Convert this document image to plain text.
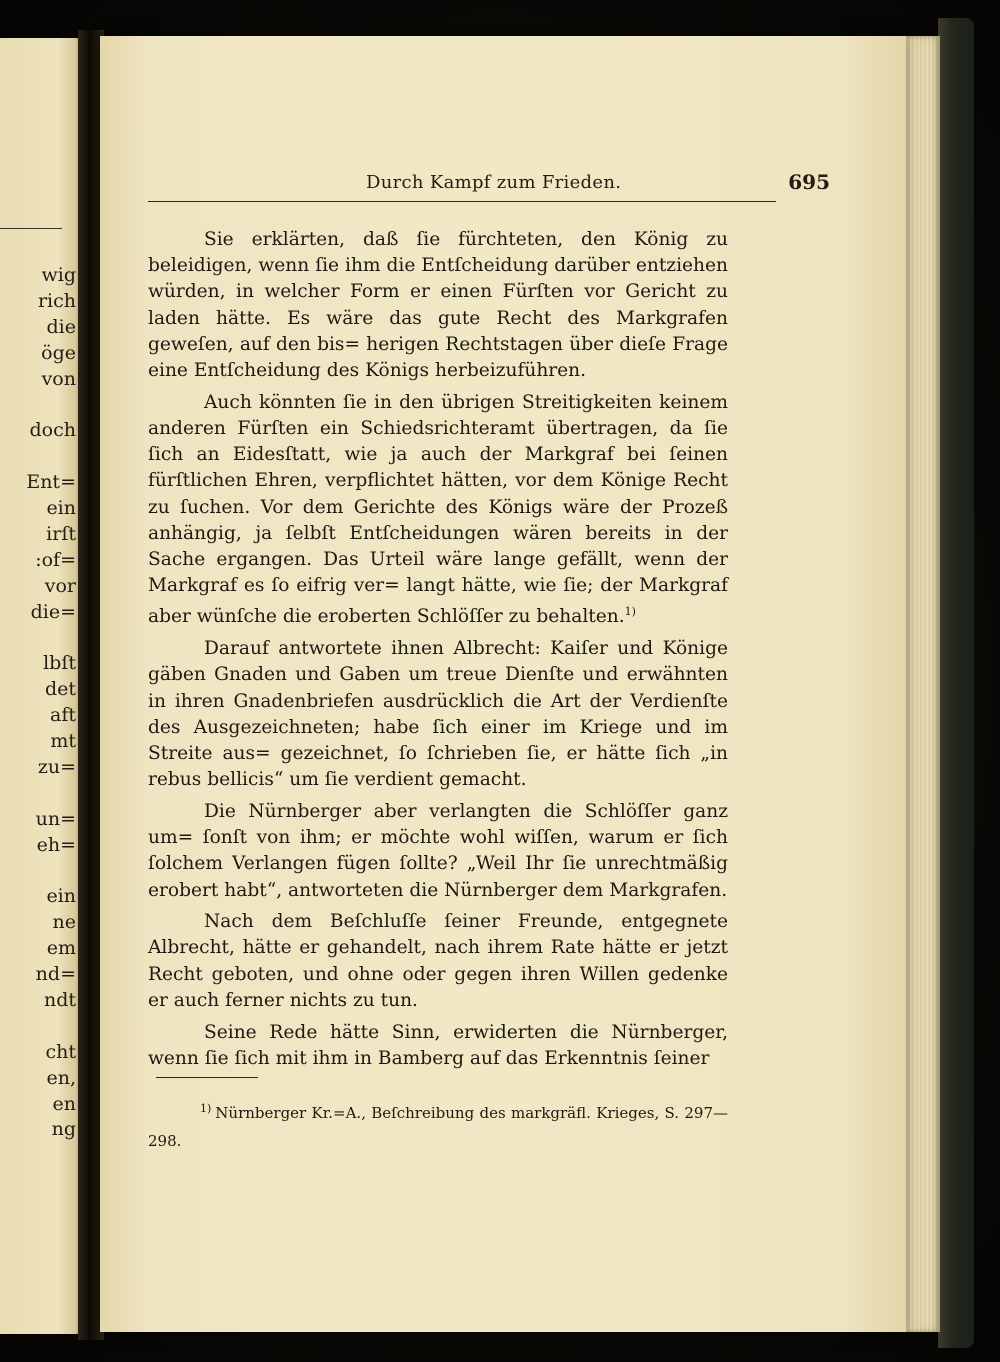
wig
rich
die
öge
von
doch
Ent=
ein
irſt
:of=
vor
die=
lbſt
det
aft
mt
zu=
un=
eh=
ein
ne
em
nd=
ndt
cht
en,
en
ng
Durch Kampf zum Frieden.	695

Sie erklärten, daß ſie fürchteten, den König zu beleidigen, wenn ſie ihm die Entſcheidung darüber entziehen würden, in welcher Form er einen Fürſten vor Gericht zu laden hätte. Es wäre das gute Recht des Markgrafen geweſen, auf den bis= herigen Rechtstagen über dieſe Frage eine Entſcheidung des Königs herbeizuführen.

Auch könnten ſie in den übrigen Streitigkeiten keinem anderen Fürſten ein Schiedsrichteramt übertragen, da ſie ſich an Eidesſtatt, wie ja auch der Markgraf bei ſeinen fürſtlichen Ehren, verpflichtet hätten, vor dem Könige Recht zu ſuchen. Vor dem Gerichte des Königs wäre der Prozeß anhängig, ja ſelbſt Entſcheidungen wären bereits in der Sache ergangen. Das Urteil wäre lange gefällt, wenn der Markgraf es ſo eifrig ver= langt hätte, wie ſie; der Markgraf aber wünſche die eroberten Schlöſſer zu behalten.$^{1)}$

Darauf antwortete ihnen Albrecht: Kaiſer und Könige gäben Gnaden und Gaben um treue Dienſte und erwähnten in ihren Gnadenbriefen ausdrücklich die Art der Verdienſte des Ausgezeichneten; habe ſich einer im Kriege und im Streite aus= gezeichnet, ſo ſchrieben ſie, er hätte ſich „in rebus bellicis“ um ſie verdient gemacht.

Die Nürnberger aber verlangten die Schlöſſer ganz um= ſonſt von ihm; er möchte wohl wiſſen, warum er ſich ſolchem Verlangen fügen ſollte? „Weil Ihr ſie unrechtmäßig erobert habt“, antworteten die Nürnberger dem Markgrafen.

Nach dem Beſchluſſe ſeiner Freunde, entgegnete Albrecht, hätte er gehandelt, nach ihrem Rate hätte er jetzt Recht geboten, und ohne oder gegen ihren Willen gedenke er auch ferner nichts zu tun.

Seine Rede hätte Sinn, erwiderten die Nürnberger, wenn ſie ſich mit ihm in Bamberg auf das Erkenntnis ſeiner

$^{1)}$ Nürnberger Kr.=A., Beſchreibung des markgräfl. Krieges, S. 297—298.
